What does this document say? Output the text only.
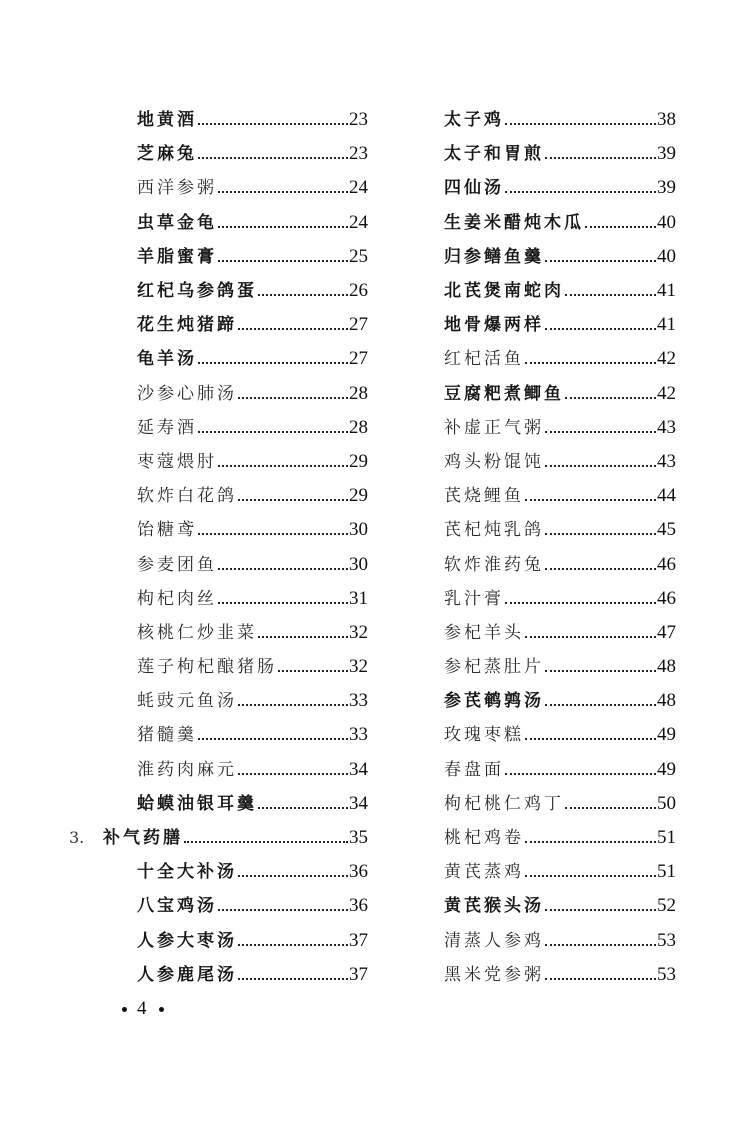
地黄酒	23
芝麻兔	23
西洋参粥	24
虫草金龟	24
羊脂蜜膏	25
红杞乌参鸽蛋	26
花生炖猪蹄	27
龟羊汤	27
沙参心肺汤	28
延寿酒	28
枣蔻煨肘	29
软炸白花鸽	29
饴糖鸢	30
参麦团鱼	30
枸杞肉丝	31
核桃仁炒韭菜	32
莲子枸杞酿猪肠	32
蚝豉元鱼汤	33
猪髓羹	33
淮药肉麻元	34
蛤蟆油银耳羹	34
3.	补气药膳	35
十全大补汤	36
八宝鸡汤	36
人参大枣汤	37
人参鹿尾汤	37
太子鸡	38
太子和胃煎	39
四仙汤	39
生姜米醋炖木瓜	40
归参鳝鱼羹	40
北芪煲南蛇肉	41
地骨爆两样	41
红杞活鱼	42
豆腐粑煮鲫鱼	42
补虚正气粥	43
鸡头粉馄饨	43
芪烧鲤鱼	44
芪杞炖乳鸽	45
软炸淮药兔	46
乳汁膏	46
参杞羊头	47
参杞蒸肚片	48
参芪鹌鹑汤	48
玫瑰枣糕	49
春盘面	49
枸杞桃仁鸡丁	50
桃杞鸡卷	51
黄芪蒸鸡	51
黄芪猴头汤	52
清蒸人参鸡	53
黑米党参粥	53
4
